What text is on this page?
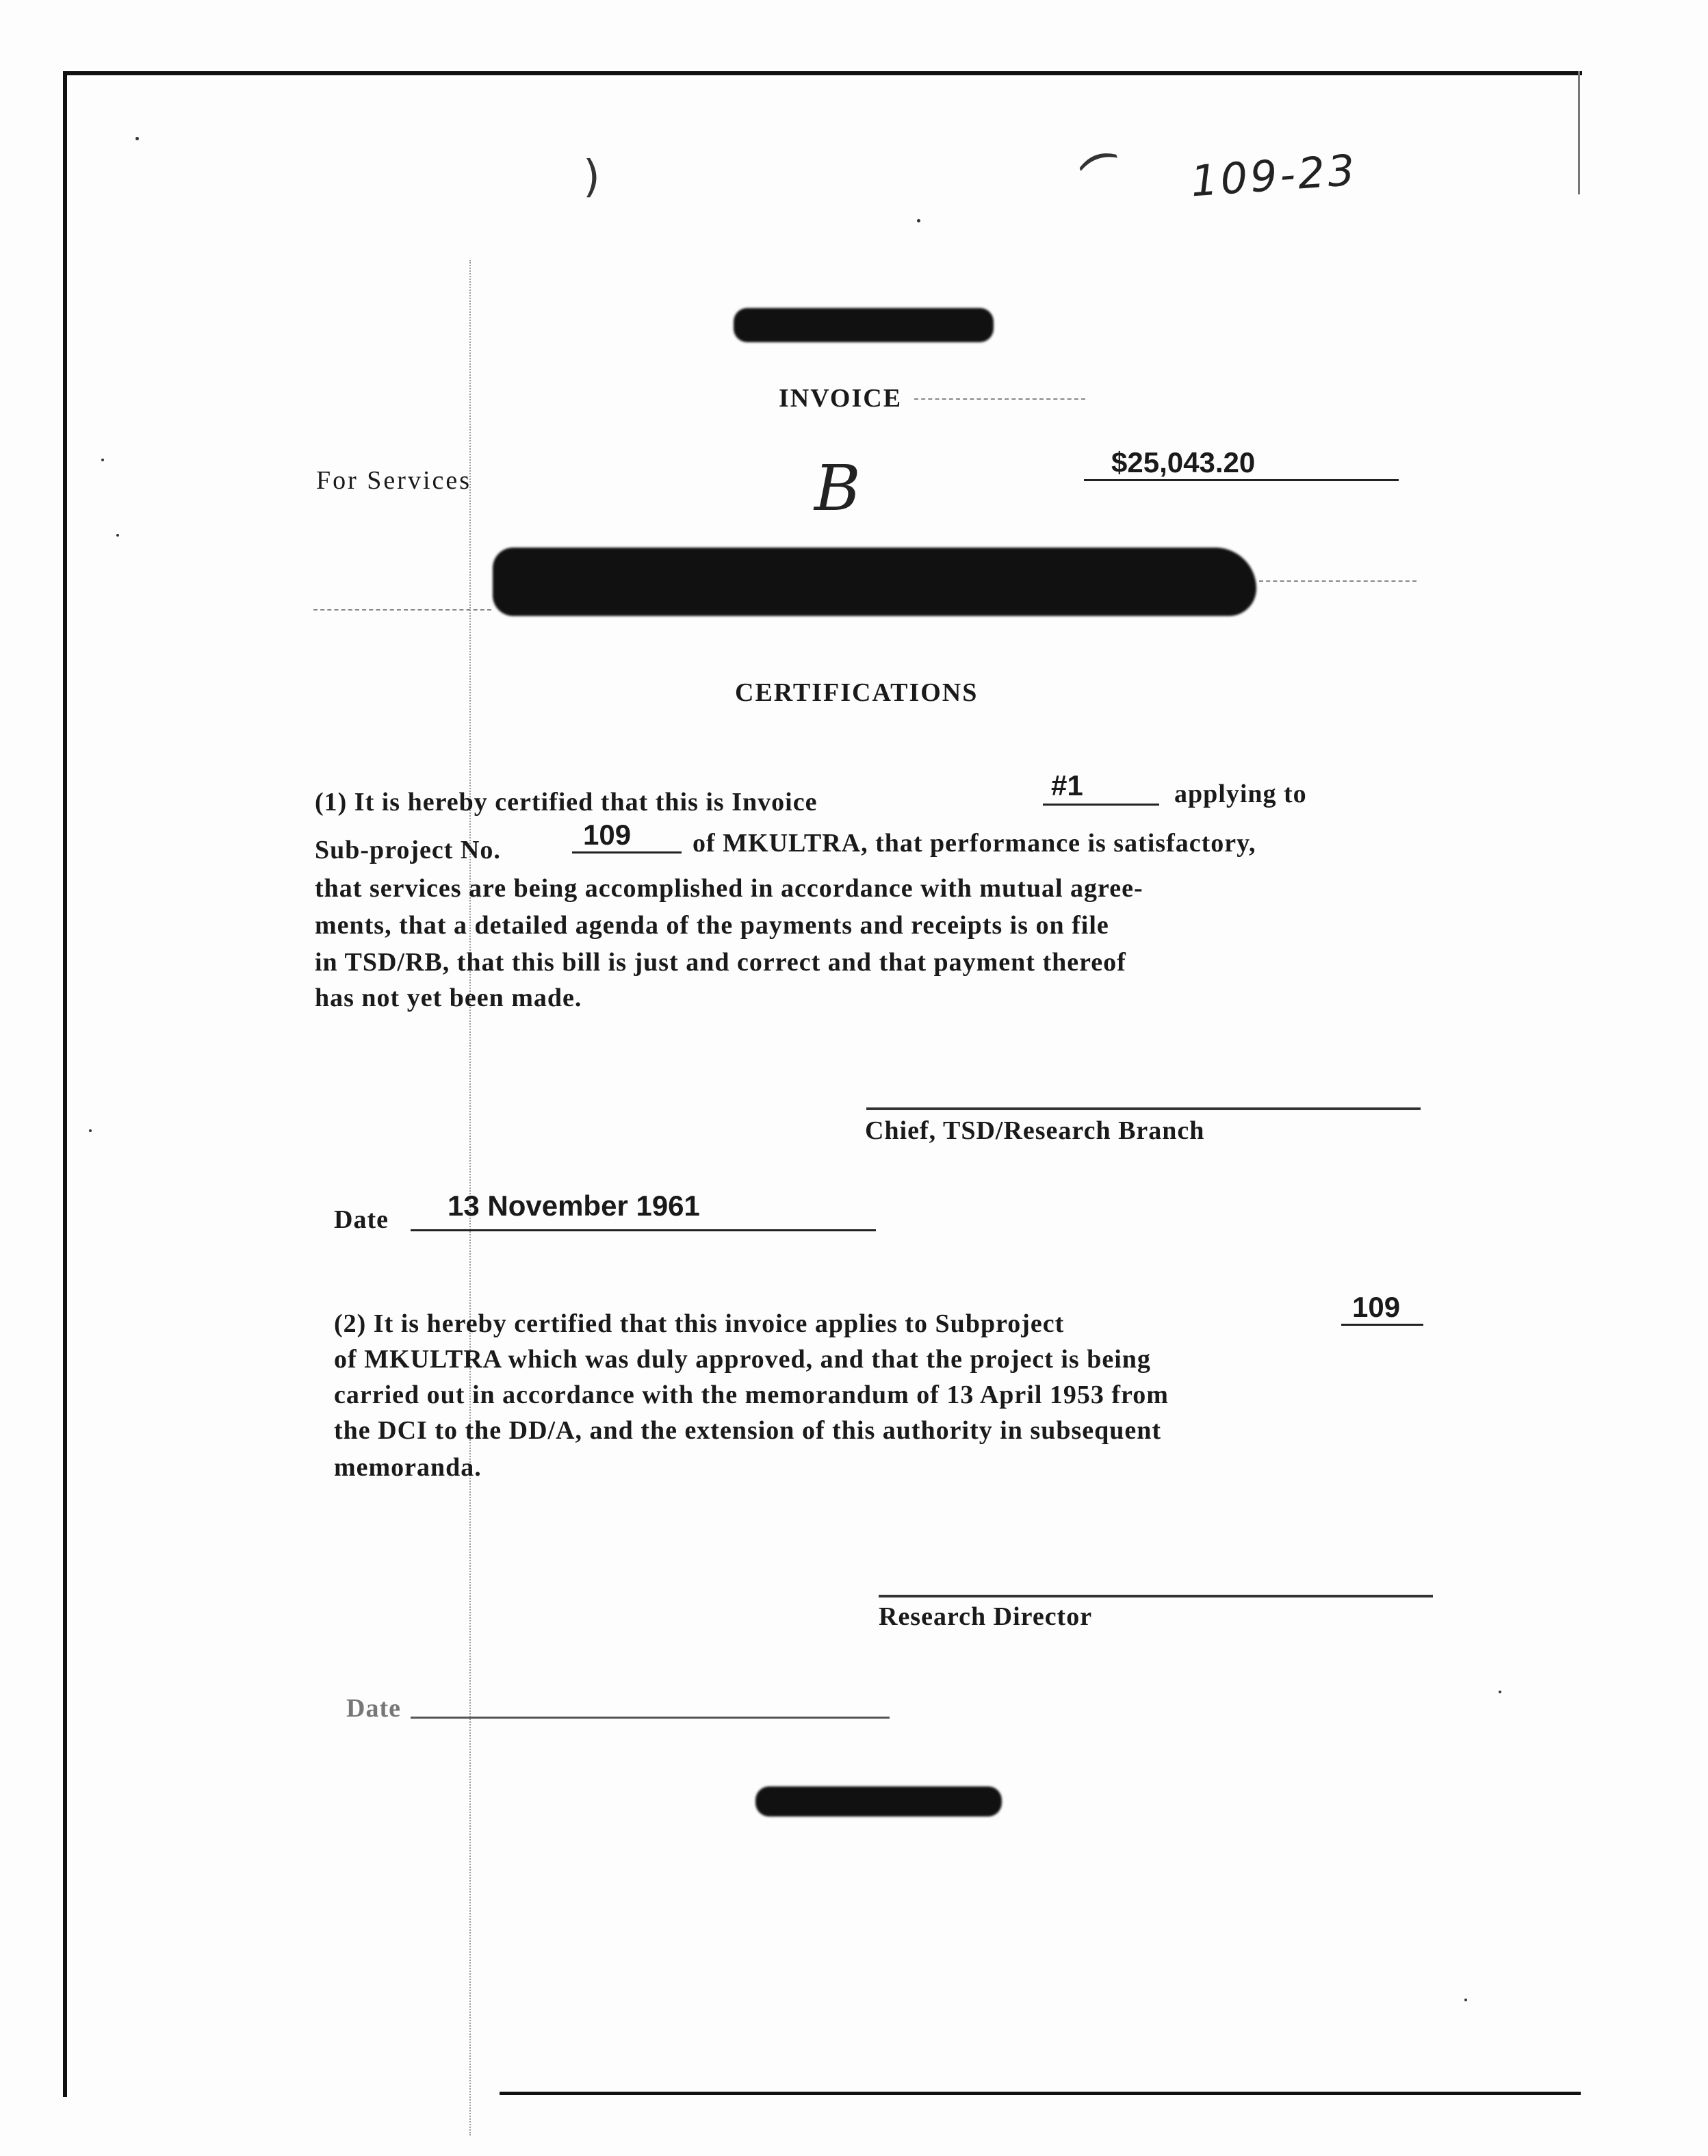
)	( 109-23
B
INVOICE
For Services
$25,043.20
CERTIFICATIONS
(1) It is hereby certified that this is Invoice
#1	applying to
Sub-project No.	109 of MKULTRA, that performance is satisfactory,
that services are being accomplished in accordance with mutual agree-
ments, that a detailed agenda of the payments and receipts is on file
in TSD/RB, that this bill is just and correct and that payment thereof
has not yet been made.
Chief, TSD/Research Branch
Date 13 November 1961
(2) It is hereby certified that this invoice applies to Subproject
109
of MKULTRA which was duly approved, and that the project is being
carried out in accordance with the memorandum of 13 April 1953 from
the DCI to the DD/A, and the extension of this authority in subsequent
memoranda.
Research Director
Date
